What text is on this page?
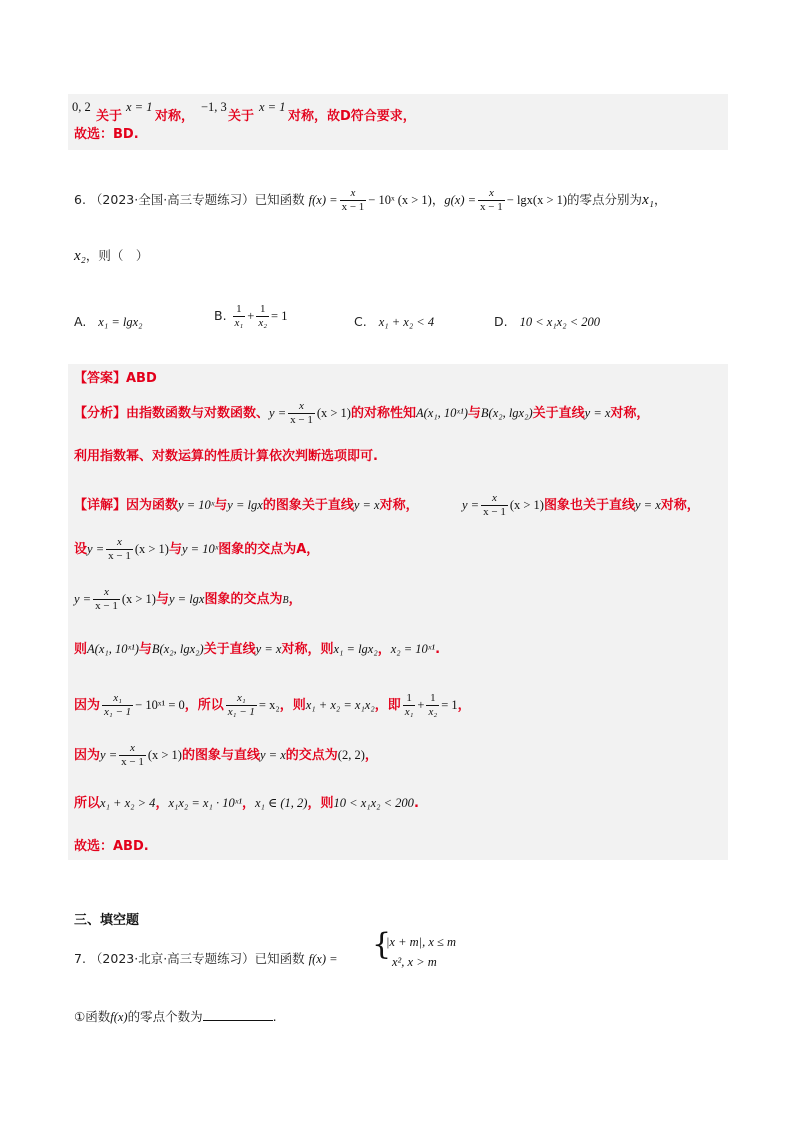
0, 2
关于
x = 1
对称，
−1, 3
关于
x = 1
对称，故D符合要求，
故选：BD.
6. （2023·全国·高三专题练习）已知函数 $f(x) = \frac{x}{x - 1}$ − 10ˣ (x > 1)，$g(x) = \frac{x}{x - 1} - \lg x(x > 1)$的零点分别为x₁，
x₂，则（　）
A. x₁ = lgx₂	B. $\frac{1}{\text{x₁}} + \frac{1}{\text{x₂}} = 1$	C. x₁ + x₂ < 4	D. 10 < x₁x₂ < 200
【答案】ABD
【分析】由指数函数与对数函数、$y = \frac{x}{x - 1} (x > 1)$的对称性知A(x₁, 10ˣ¹)与B(x₂, lgx₂)关于直线y = x对称，
利用指数幂、对数运算的性质计算依次判断选项即可.
【详解】因为函数y = 10ˣ与y = lgx的图象关于直线y = x对称，	$y = \frac{x}{x - 1} (x > 1)$图象也关于直线y = x对称，
设$y = \frac{x}{x - 1} (x > 1)$与y = 10ˣ图象的交点为A，
$y = \frac{x}{x - 1} (x > 1)$与y = lgx图象的交点为B，
则A(x₁, 10ˣ¹)与B(x₂, lgx₂)关于直线y = x对称，则x₁ = lgx₂，x₂ = 10ˣ¹.
因为 $\frac{\text{x₁}}{\text{x₁ − 1}}$ − 10ˣ¹ = 0，所以 $\frac{\text{x₁}}{\text{x₁ − 1}} = x_2$，则x₁ + x₂ = x₁x₂，即 $\frac{1}{\text{x₁}} + \frac{1}{\text{x₂}} = 1$，
因为$y = \frac{x}{x - 1} (x > 1)$的图象与直线y = x的交点为(2, 2)，
所以x₁ + x₂ > 4，x₁x₂ = x₁ · 10ˣ¹，x₁ ∈ (1, 2)，则10 < x₁x₂ < 200.
故选：ABD.
三、填空题
7. （2023·北京·高三专题练习）已知函数 f(x) = {
|x + m|, x ≤ m
x², x > m
①函数f(x)的零点个数为	.
